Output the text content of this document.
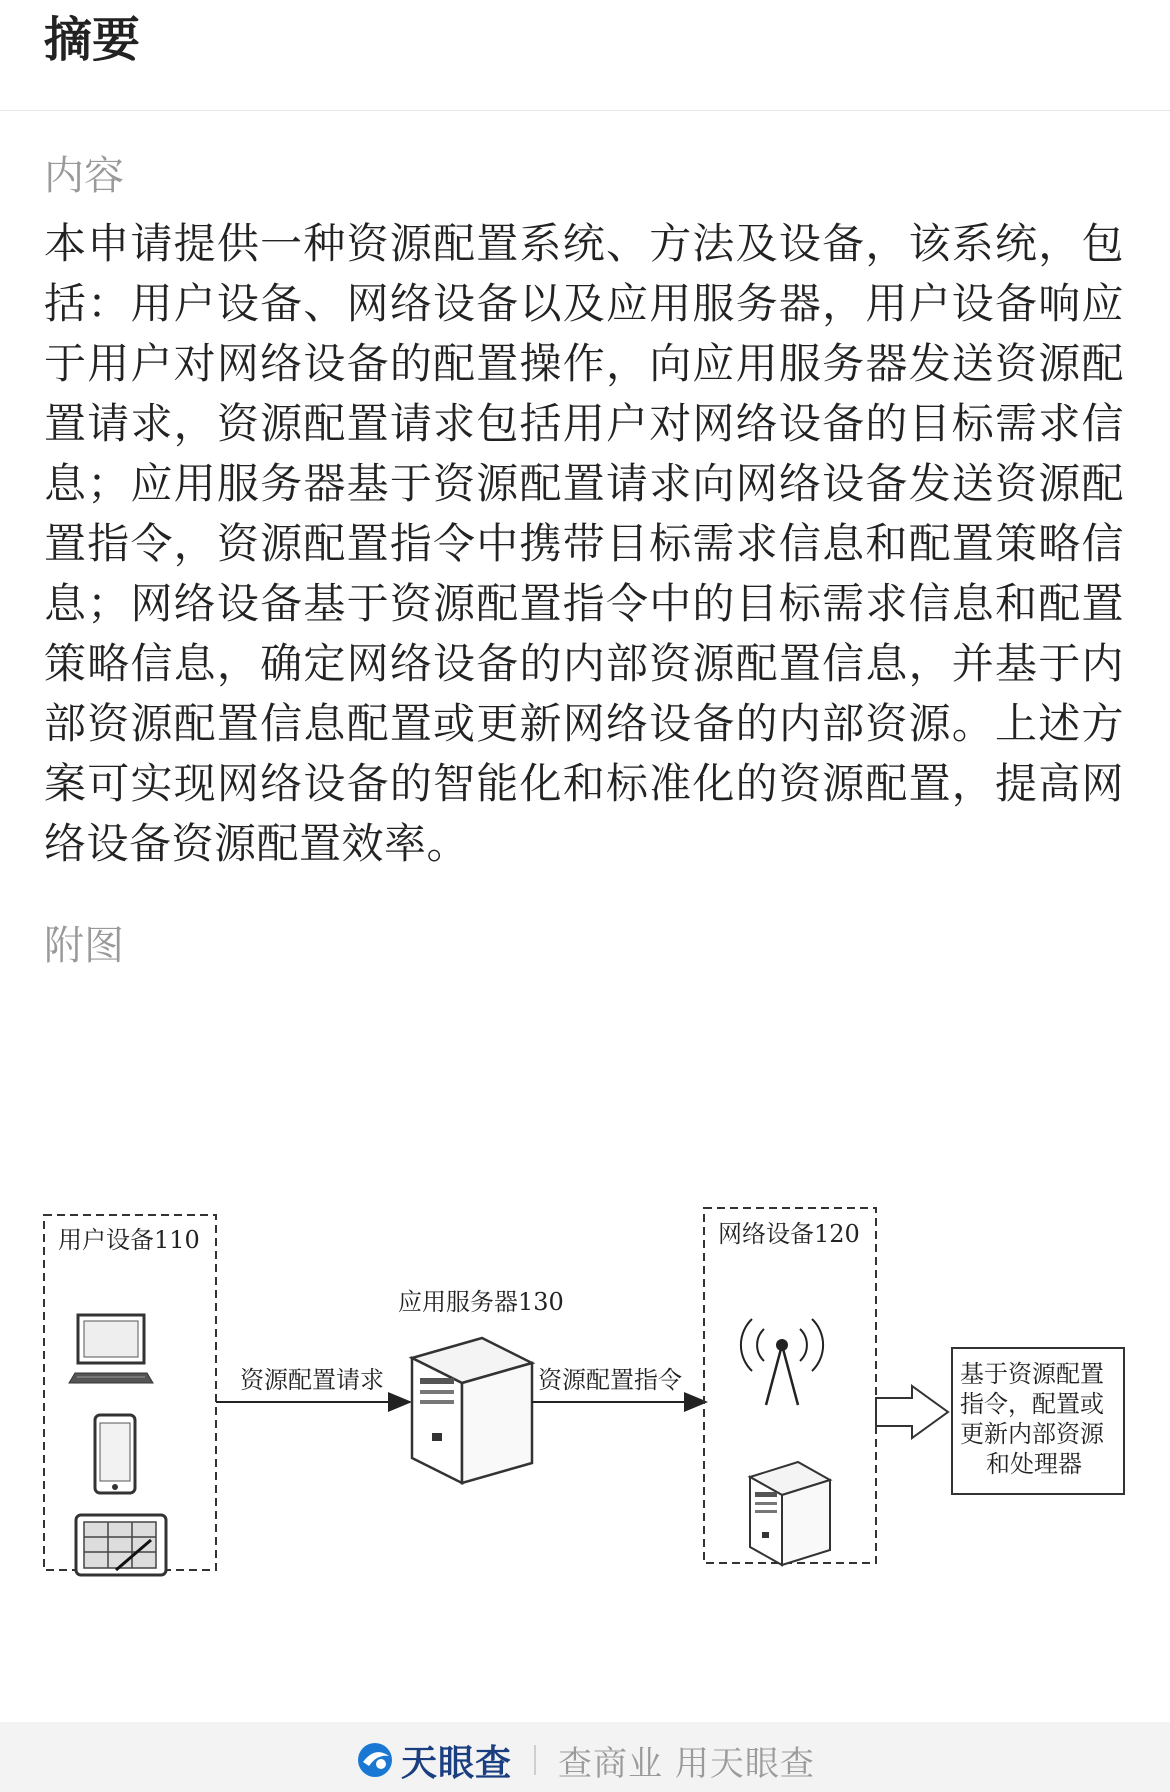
摘要
内容
本申请提供一种资源配置系统、方法及设备，该系统，包括：用户设备、网络设备以及应用服务器，用户设备响应于用户对网络设备的配置操作，向应用服务器发送资源配置请求，资源配置请求包括用户对网络设备的目标需求信息；应用服务器基于资源配置请求向网络设备发送资源配置指令，资源配置指令中携带目标需求信息和配置策略信息；网络设备基于资源配置指令中的目标需求信息和配置策略信息，确定网络设备的内部资源配置信息，并基于内部资源配置信息配置或更新网络设备的内部资源。上述方案可实现网络设备的智能化和标准化的资源配置，提高网络设备资源配置效率。
附图
用户设备110
资源配置请求
应用服务器130
资源配置指令
网络设备120
基于资源配置
指令，配置或
更新内部资源
和处理器
天眼查 查商业 用天眼查
